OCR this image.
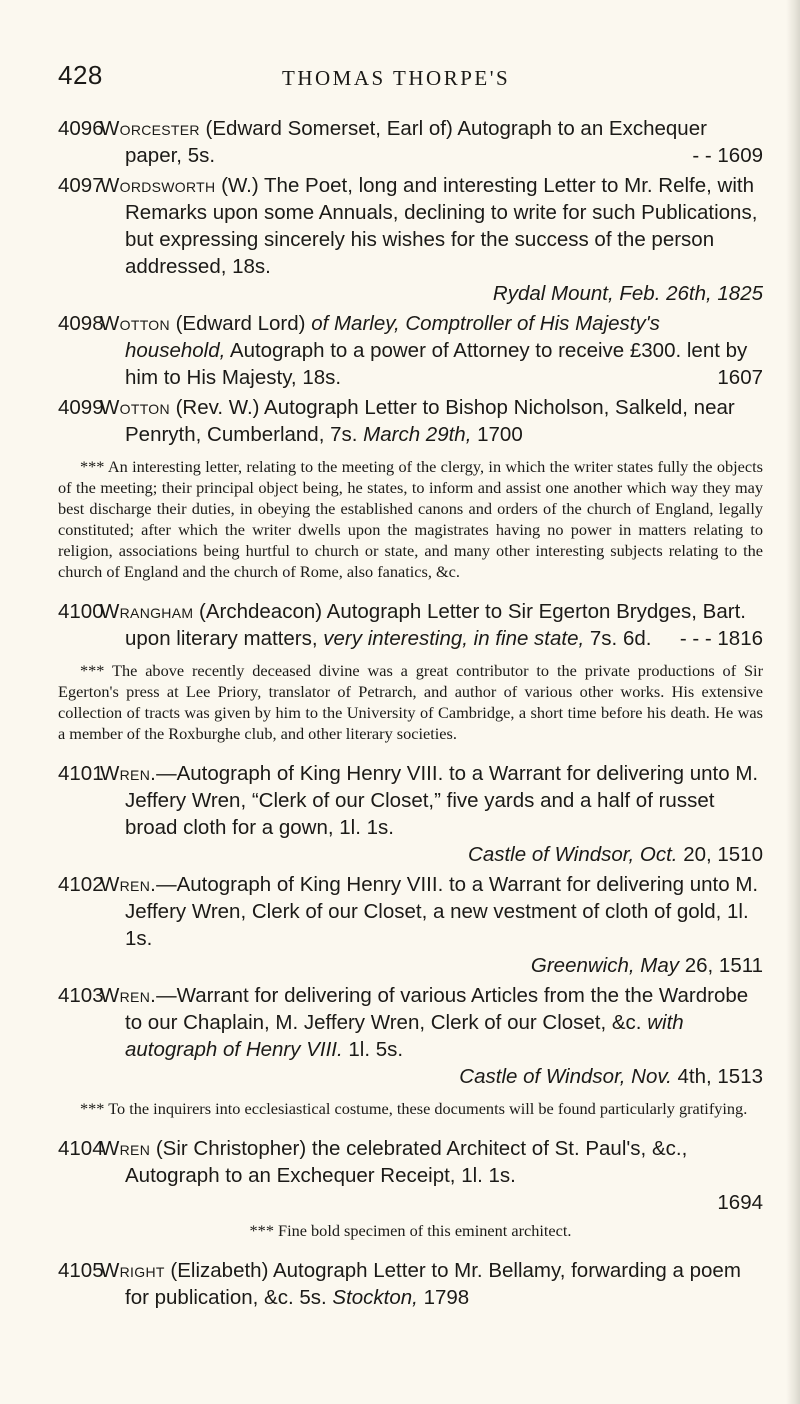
428	THOMAS THORPE'S
4096
Worcester (Edward Somerset, Earl of) Autograph to an Exchequer paper, 5s.	- - 1609
4097
Wordsworth (W.) The Poet, long and interesting Letter to Mr. Relfe, with Remarks upon some Annuals, declining to write for such Publications, but expressing sincerely his wishes for the success of the person addressed, 18s.
Rydal Mount, Feb. 26th, 1825
4098
Wotton (Edward Lord) of Marley, Comptroller of His Majesty's household, Autograph to a power of Attorney to receive £300. lent by him to His Majesty, 18s.	1607
4099
Wotton (Rev. W.) Autograph Letter to Bishop Nicholson, Salkeld, near Penryth, Cumberland, 7s. March 29th, 1700

*** An interesting letter, relating to the meeting of the clergy, in which the writer states fully the objects of the meeting; their principal object being, he states, to inform and assist one another which way they may best discharge their duties, in obeying the established canons and orders of the church of England, legally constituted; after which the writer dwells upon the magistrates having no power in matters relating to religion, associations being hurtful to church or state, and many other interesting subjects relating to the church of England and the church of Rome, also fanatics, &c.

4100
Wrangham (Archdeacon) Autograph Letter to Sir Egerton Brydges, Bart. upon literary matters, very interesting, in fine state, 7s. 6d. - - - 1816

*** The above recently deceased divine was a great contributor to the private productions of Sir Egerton's press at Lee Priory, translator of Petrarch, and author of various other works. His extensive collection of tracts was given by him to the University of Cambridge, a short time before his death. He was a member of the Roxburghe club, and other literary societies.

4101
Wren.—Autograph of King Henry VIII. to a Warrant for delivering unto M. Jeffery Wren, “Clerk of our Closet,” five yards and a half of russet broad cloth for a gown, 1l. 1s.
Castle of Windsor, Oct. 20, 1510
4102
Wren.—Autograph of King Henry VIII. to a Warrant for delivering unto M. Jeffery Wren, Clerk of our Closet, a new vestment of cloth of gold, 1l. 1s.
Greenwich, May 26, 1511
4103
Wren.—Warrant for delivering of various Articles from the the Wardrobe to our Chaplain, M. Jeffery Wren, Clerk of our Closet, &c. with autograph of Henry VIII. 1l. 5s.
Castle of Windsor, Nov. 4th, 1513

*** To the inquirers into ecclesiastical costume, these documents will be found particularly gratifying.

4104
Wren (Sir Christopher) the celebrated Architect of St. Paul's, &c., Autograph to an Exchequer Receipt, 1l. 1s.
1694

*** Fine bold specimen of this eminent architect.

4105
Wright (Elizabeth) Autograph Letter to Mr. Bellamy, forwarding a poem for publication, &c. 5s. Stockton, 1798
